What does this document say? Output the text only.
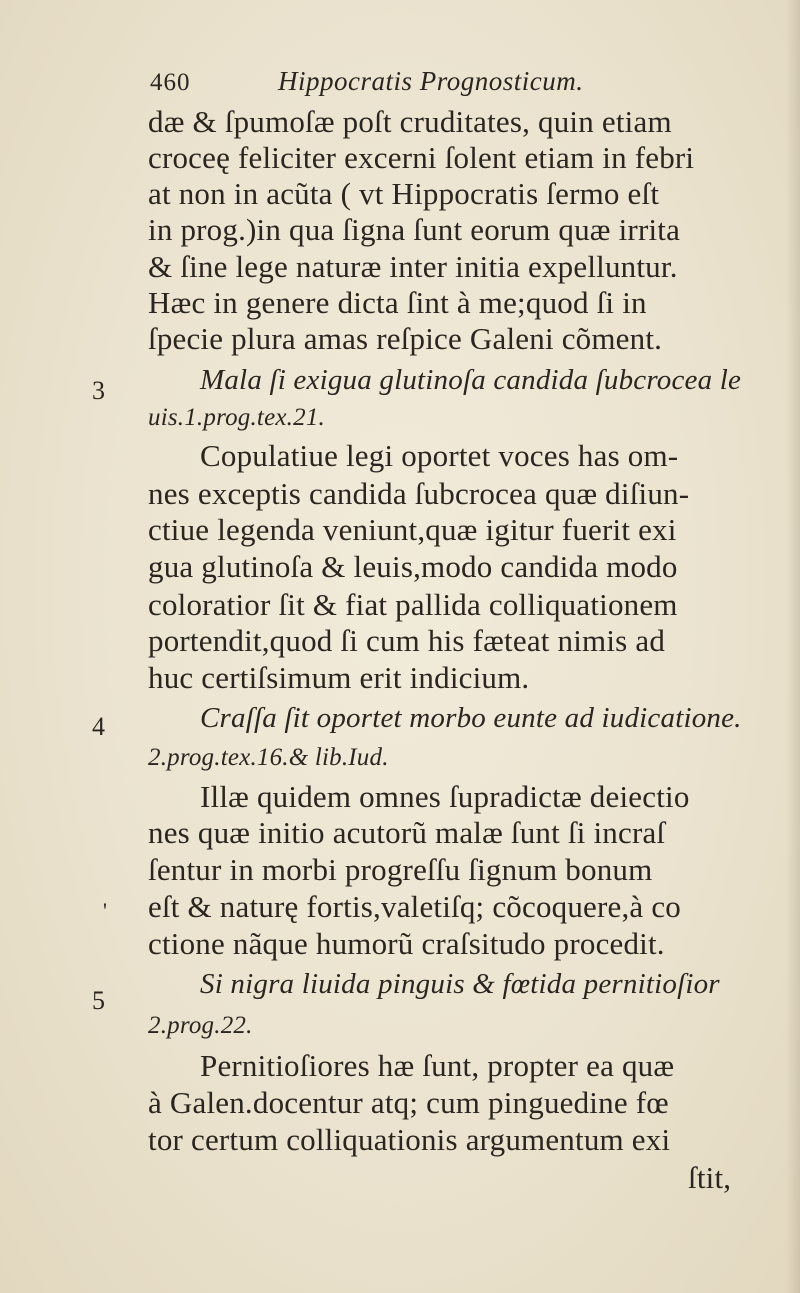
460	Hippocratis Prognosticum.
dæ & ſpumoſæ poſt cruditates, quin etiam
croceę feliciter excerni ſolent etiam in febri
at non in acũta ( vt Hippocratis ſermo eſt
in prog.)in qua ſigna ſunt eorum quæ irrita
& ſine lege naturæ inter initia expelluntur.
Hæc in genere dicta ſint à me;quod ſi in
ſpecie plura amas reſpice Galeni cõment.
3	Mala ſi exigua glutinoſa candida ſubcrocea le
uis.1.prog.tex.21.
Copulatiue legi oportet voces has om-
nes exceptis candida ſubcrocea quæ diſiun-
ctiue legenda veniunt,quæ igitur fuerit exi
gua glutinoſa & leuis,modo candida modo
coloratior ſit & fiat pallida colliquationem
portendit,quod ſi cum his fæteat nimis ad
huc certiſsimum erit indicium.
4	Craſſa ſit oportet morbo eunte ad iudicatione.
2.prog.tex.16.& lib.Iud.
Illæ quidem omnes ſupradictæ deiectio
nes quæ initio acutorũ malæ ſunt ſi incraſ
'
ſentur in morbi progreſſu ſignum bonum
eſt & naturę fortis,valetiſq; cõcoquere,à co
ctione nãque humorũ craſsitudo procedit.
5
Si nigra liuida pinguis & fœtida pernitioſior
2.prog.22.
Pernitioſiores hæ ſunt, propter ea quæ
à Galen.docentur atq; cum pinguedine fœ
tor certum colliquationis argumentum exi
ſtit,
